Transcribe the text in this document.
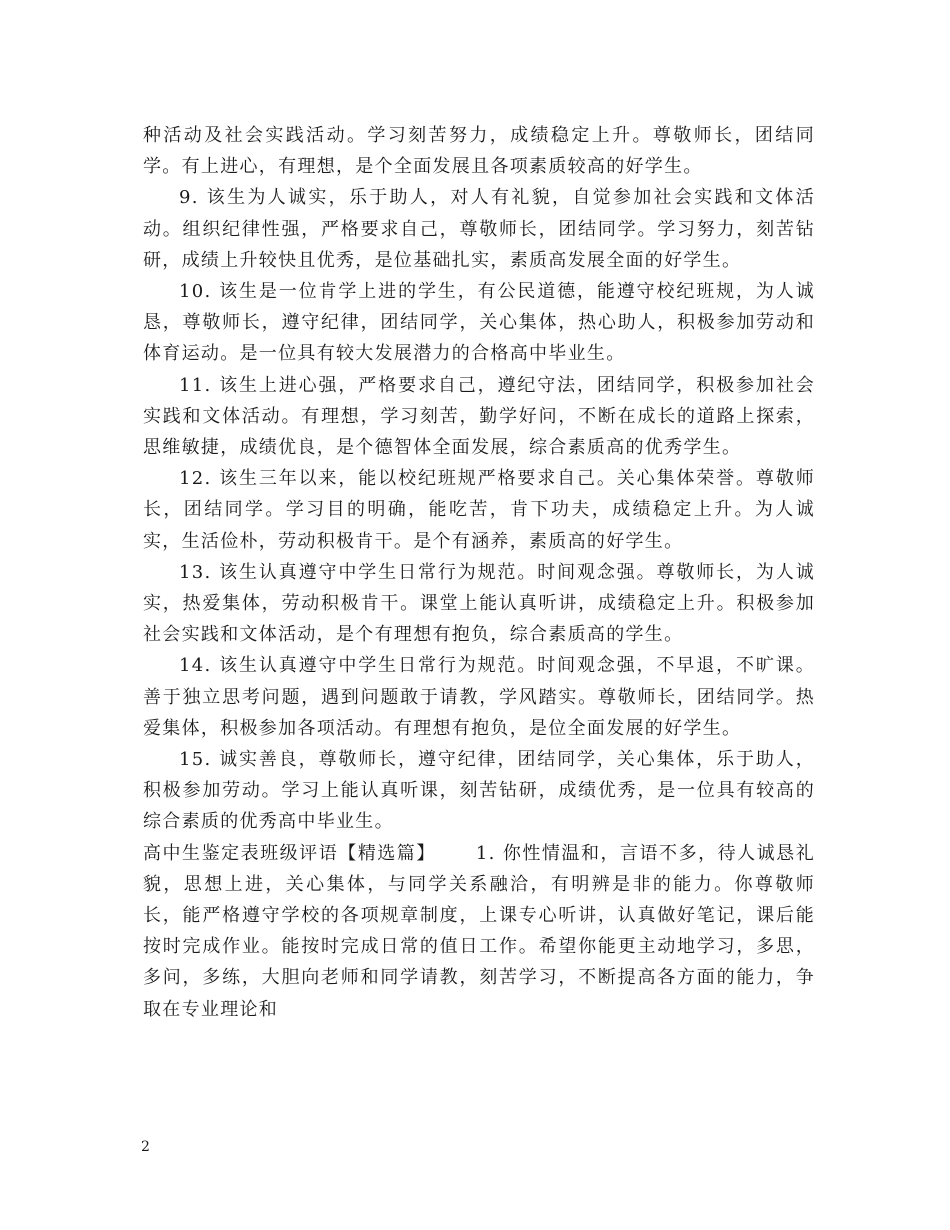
种活动及社会实践活动。学习刻苦努力，成绩稳定上升。尊敬师长，团结同学。有上进心，有理想，是个全面发展且各项素质较高的好学生。

9. 该生为人诚实，乐于助人，对人有礼貌，自觉参加社会实践和文体活动。组织纪律性强，严格要求自己，尊敬师长，团结同学。学习努力，刻苦钻研，成绩上升较快且优秀，是位基础扎实，素质高发展全面的好学生。

10. 该生是一位肯学上进的学生，有公民道德，能遵守校纪班规，为人诚恳，尊敬师长，遵守纪律，团结同学，关心集体，热心助人，积极参加劳动和体育运动。是一位具有较大发展潜力的合格高中毕业生。

11. 该生上进心强，严格要求自己，遵纪守法，团结同学，积极参加社会实践和文体活动。有理想，学习刻苦，勤学好问，不断在成长的道路上探索，思维敏捷，成绩优良，是个德智体全面发展，综合素质高的优秀学生。

12. 该生三年以来，能以校纪班规严格要求自己。关心集体荣誉。尊敬师长，团结同学。学习目的明确，能吃苦，肯下功夫，成绩稳定上升。为人诚实，生活俭朴，劳动积极肯干。是个有涵养，素质高的好学生。

13. 该生认真遵守中学生日常行为规范。时间观念强。尊敬师长，为人诚实，热爱集体，劳动积极肯干。课堂上能认真听讲，成绩稳定上升。积极参加社会实践和文体活动，是个有理想有抱负，综合素质高的学生。

14. 该生认真遵守中学生日常行为规范。时间观念强，不早退，不旷课。善于独立思考问题，遇到问题敢于请教，学风踏实。尊敬师长，团结同学。热爱集体，积极参加各项活动。有理想有抱负，是位全面发展的好学生。

15. 诚实善良，尊敬师长，遵守纪律，团结同学，关心集体，乐于助人，积极参加劳动。学习上能认真听课，刻苦钻研，成绩优秀，是一位具有较高的综合素质的优秀高中毕业生。

高中生鉴定表班级评语【精选篇】 1. 你性情温和，言语不多，待人诚恳礼貌，思想上进，关心集体，与同学关系融洽，有明辨是非的能力。你尊敬师长，能严格遵守学校的各项规章制度，上课专心听讲，认真做好笔记，课后能按时完成作业。能按时完成日常的值日工作。希望你能更主动地学习，多思，多问，多练，大胆向老师和同学请教，刻苦学习，不断提高各方面的能力，争取在专业理论和

2
